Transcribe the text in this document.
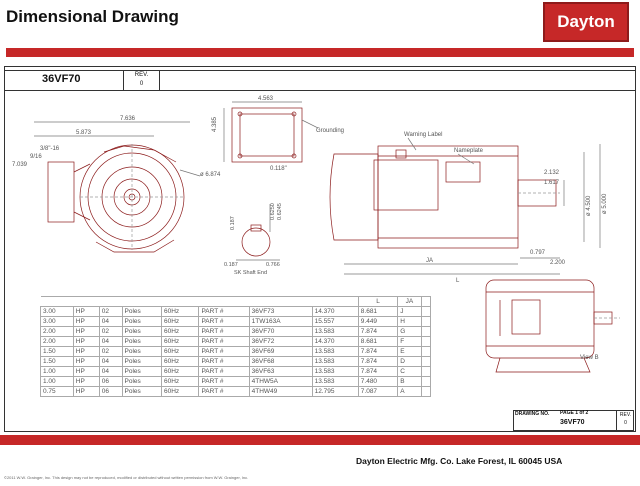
Dimensional Drawing	Dayton
36VF70	REV.
0
7.636
5.873
3/8"-16
9/16
7.039
ø 6.874
4.563
4.385
0.118"
Grounding
0.187
0.6250 0.6245
0.187	0.766
SK Shaft End
Warning Label
Nameplate
2.132
1.617
ø 4.500 ø 5.000
0.797
2.200
JA
L
								L	JA	
3.00	HP	02	Poles	60Hz	PART #	36VF73	14.370	8.681	J	
3.00	HP	04	Poles	60Hz	PART #	1TW163A	15.557	9.449	H	
2.00	HP	02	Poles	60Hz	PART #	36VF70	13.583	7.874	G	
2.00	HP	04	Poles	60Hz	PART #	36VF72	14.370	8.681	F	
1.50	HP	02	Poles	60Hz	PART #	36VF69	13.583	7.874	E	
1.50	HP	04	Poles	60Hz	PART #	36VF68	13.583	7.874	D	
1.00	HP	04	Poles	60Hz	PART #	36VF63	13.583	7.874	C	
1.00	HP	06	Poles	60Hz	PART #	4THW5A	13.583	7.480	B	
0.75	HP	06	Poles	60Hz	PART #	4THW49	12.795	7.087	A	
View B
DRAWING NO.	PAGE 1 of 2
36VF70
REV.
0
Dayton Electric Mfg. Co. Lake Forest, IL 60045 USA
©2011 W.W. Grainger, Inc. This design may not be reproduced, modified or distributed without written permission from W.W. Grainger, Inc.
